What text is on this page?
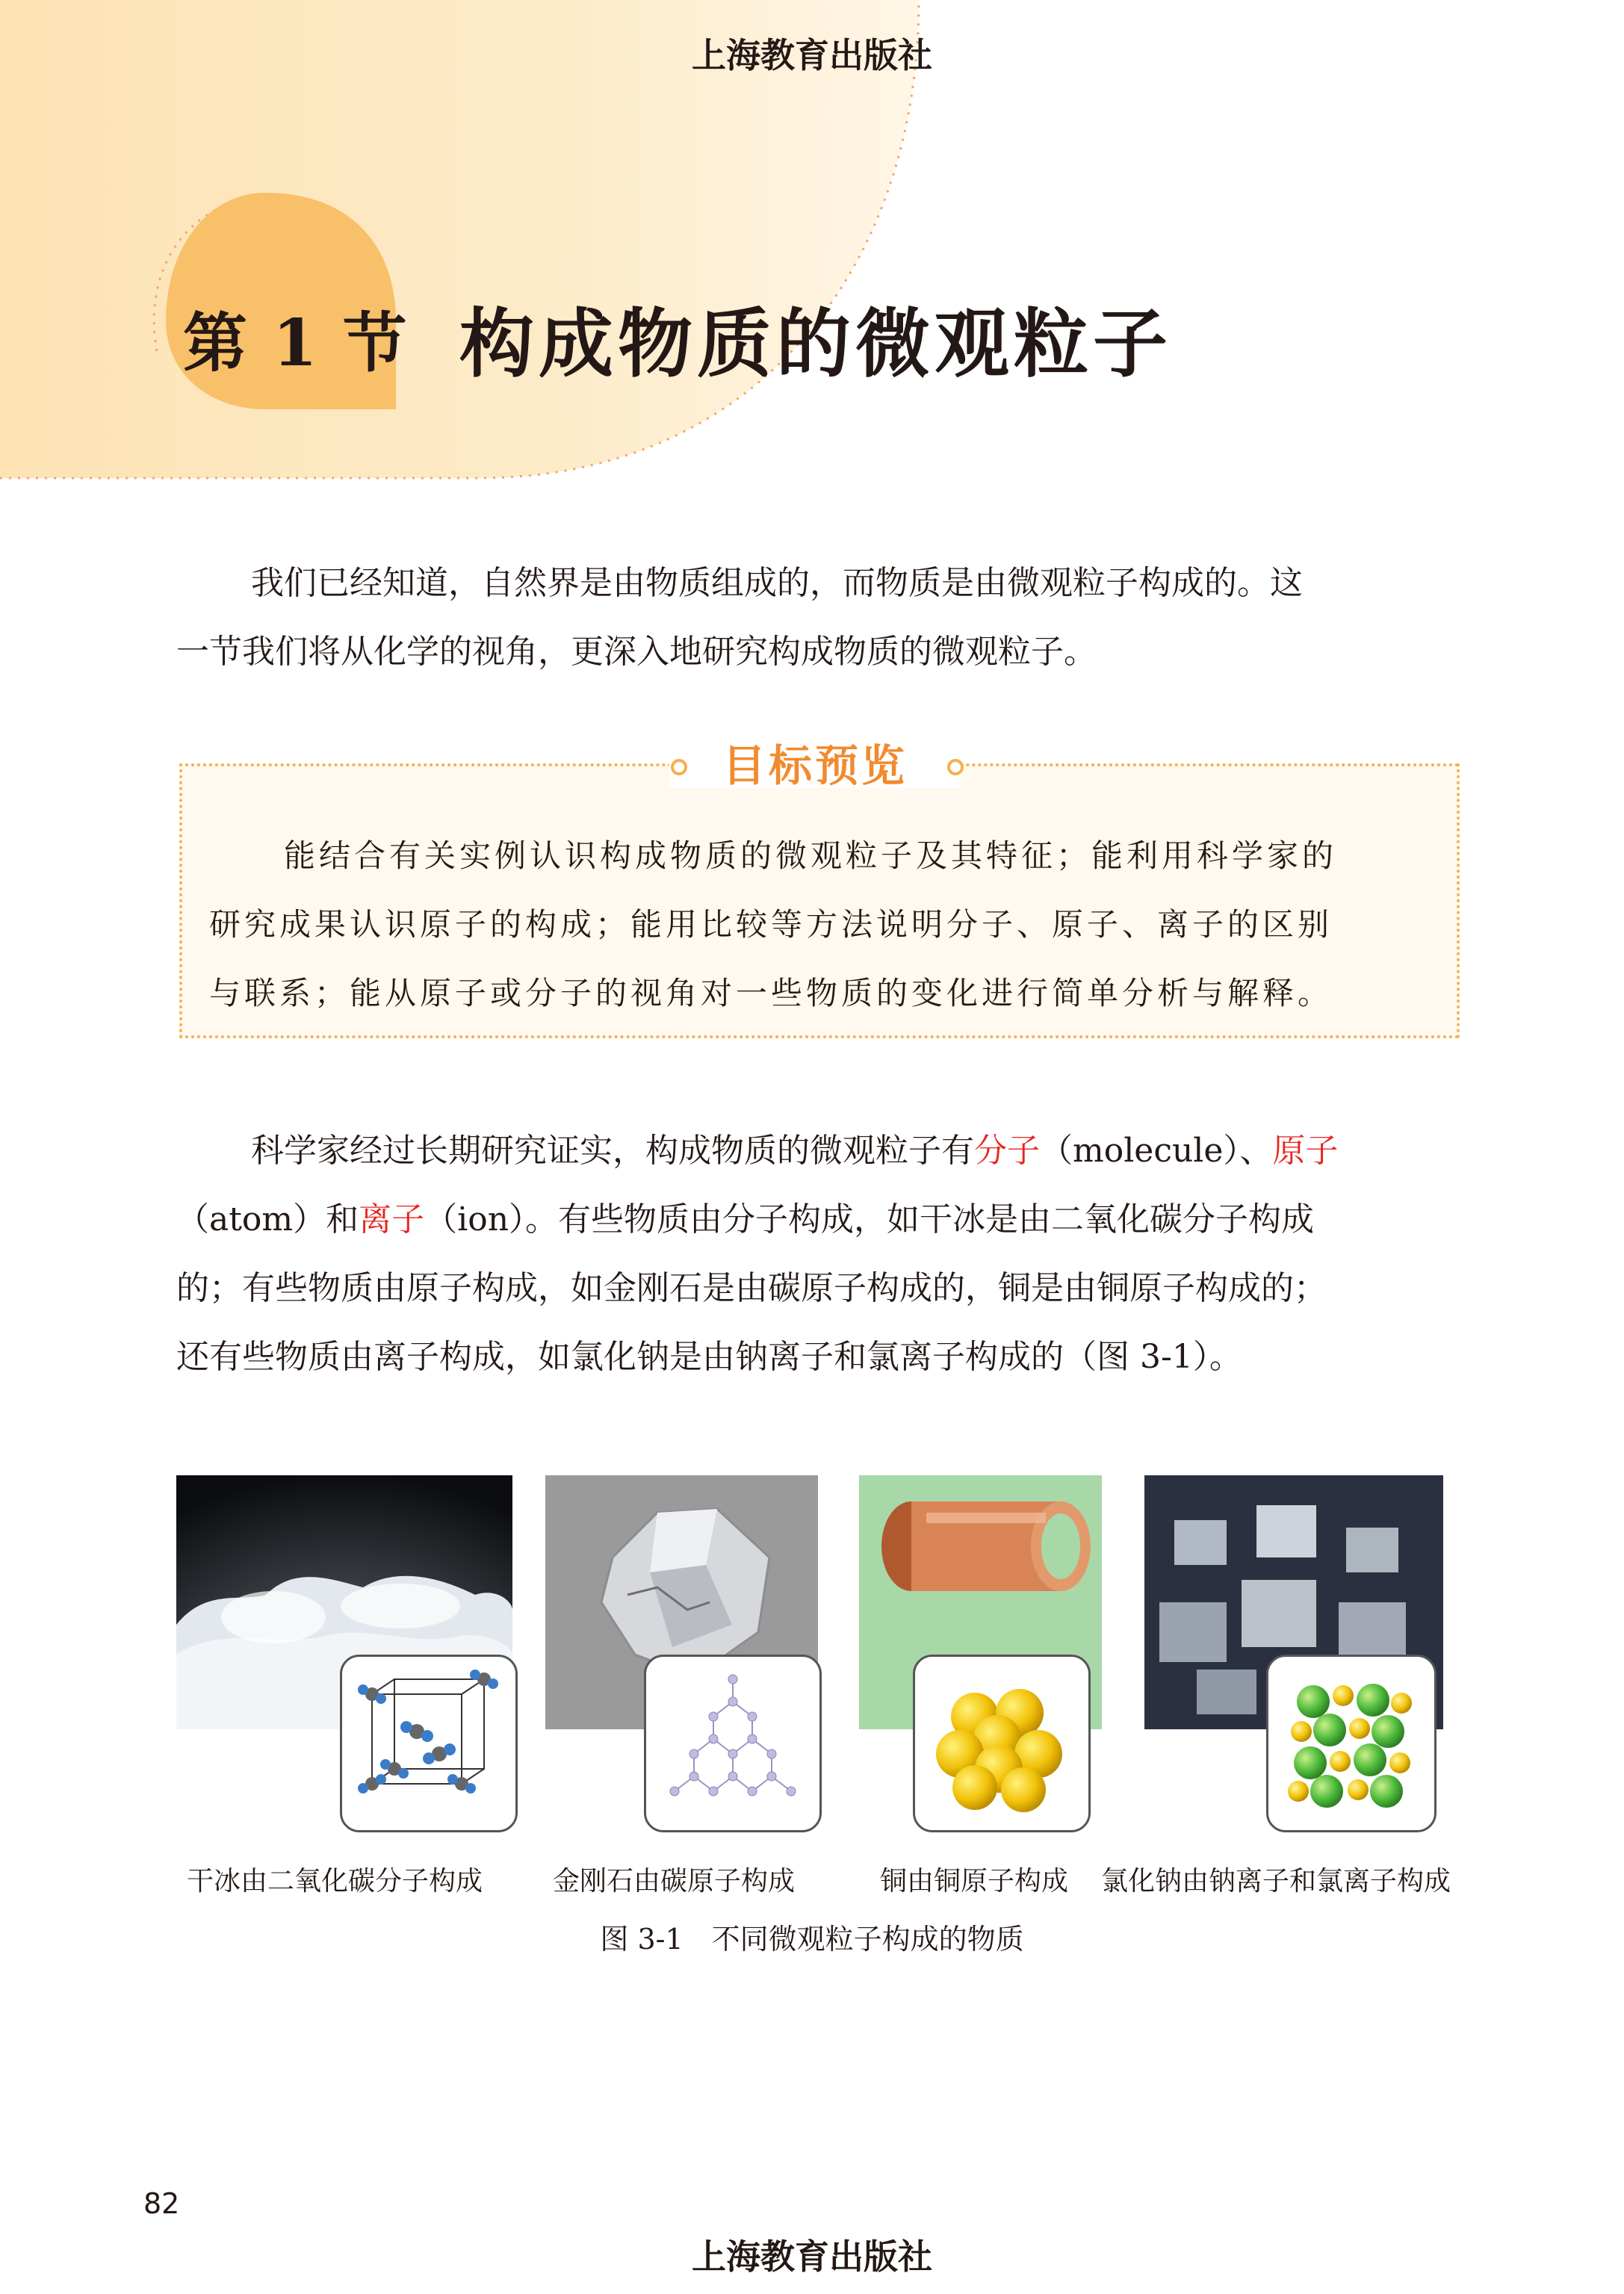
上海教育出版社
第 1 节 构成物质的微观粒子

我们已经知道，自然界是由物质组成的，而物质是由微观粒子构成的。这

一节我们将从化学的视角，更深入地研究构成物质的微观粒子。

目标预览

能结合有关实例认识构成物质的微观粒子及其特征；能利用科学家的

研究成果认识原子的构成；能用比较等方法说明分子、原子、离子的区别

与联系；能从原子或分子的视角对一些物质的变化进行简单分析与解释。

科学家经过长期研究证实，构成物质的微观粒子有分子（molecule）、原子

（atom）和离子（ion）。有些物质由分子构成，如干冰是由二氧化碳分子构成

的；有些物质由原子构成，如金刚石是由碳原子构成的，铜是由铜原子构成的；

还有些物质由离子构成，如氯化钠是由钠离子和氯离子构成的（图 3-1）。

干冰由二氧化碳分子构成	金刚石由碳原子构成	铜由铜原子构成 氯化钠由钠离子和氯离子构成
图 3-1　不同微观粒子构成的物质
82
上海教育出版社
